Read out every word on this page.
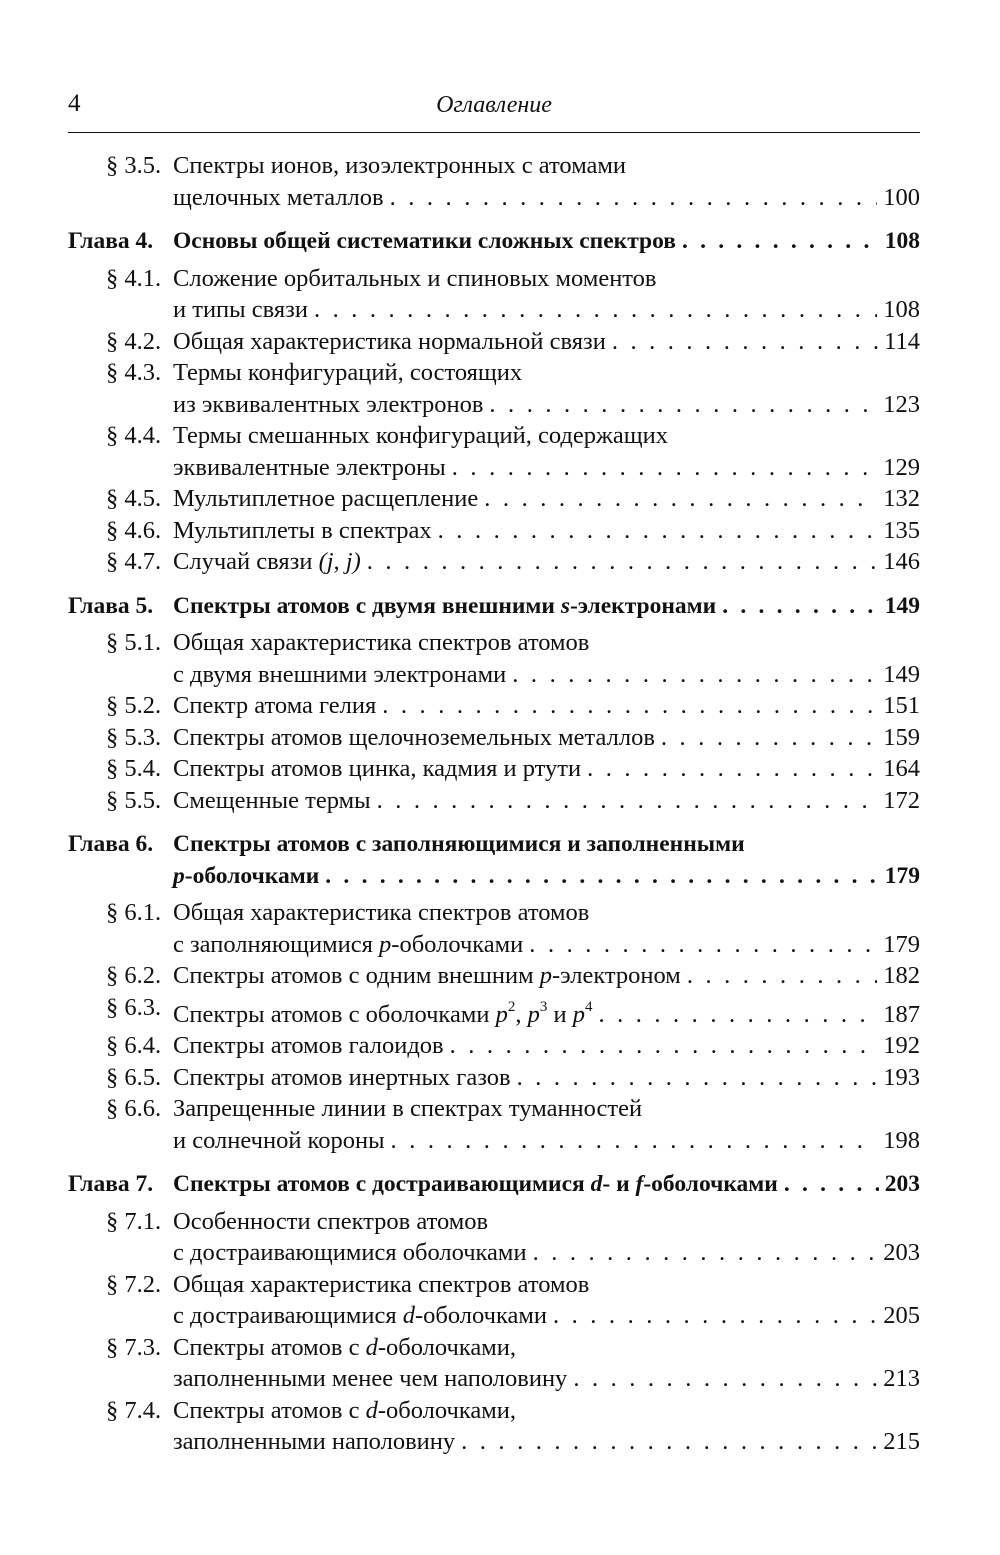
4	Оглавление
§ 3.5. Спектры ионов, изоэлектронных с атомами
щелочных металлов . . .	100
Глава 4. Основы общей систематики сложных спектров . . .	108
§ 4.1. Сложение орбитальных и спиновых моментов
и типы связи . . .	108
§ 4.2. Общая характеристика нормальной связи . . .	114
§ 4.3. Термы конфигураций, состоящих
из эквивалентных электронов . . .	123
§ 4.4. Термы смешанных конфигураций, содержащих
эквивалентные электроны . . .	129
§ 4.5. Мультиплетное расщепление . . .	132
§ 4.6. Мультиплеты в спектрах . . .	135
§ 4.7. Случай связи (j, j) . . .	146
Глава 5. Спектры атомов с двумя внешними s-электронами . . .	149
§ 5.1. Общая характеристика спектров атомов
с двумя внешними электронами . . .	149
§ 5.2. Спектр атома гелия . . .	151
§ 5.3. Спектры атомов щелочноземельных металлов . . .	159
§ 5.4. Спектры атомов цинка, кадмия и ртути . . .	164
§ 5.5. Смещенные термы . . .	172
Глава 6. Спектры атомов с заполняющимися и заполненными
p-оболочками . . .	179
§ 6.1. Общая характеристика спектров атомов
с заполняющимися p-оболочками . . .	179
§ 6.2. Спектры атомов с одним внешним p-электроном . . .	182
§ 6.3. Спектры атомов с оболочками $p^2$, $p^3$ и $p^4$ . . .	187
§ 6.4. Спектры атомов галоидов . . .	192
§ 6.5. Спектры атомов инертных газов . . .	193
§ 6.6. Запрещенные линии в спектрах туманностей
и солнечной короны . . .	198
Глава 7. Спектры атомов с достраивающимися d- и f-оболочками . . .	203
§ 7.1. Особенности спектров атомов
с достраивающимися оболочками . . .	203
§ 7.2. Общая характеристика спектров атомов
с достраивающимися d-оболочками . . .	205
§ 7.3. Спектры атомов с d-оболочками,
заполненными менее чем наполовину . . .	213
§ 7.4. Спектры атомов с d-оболочками,
заполненными наполовину . . .	215
